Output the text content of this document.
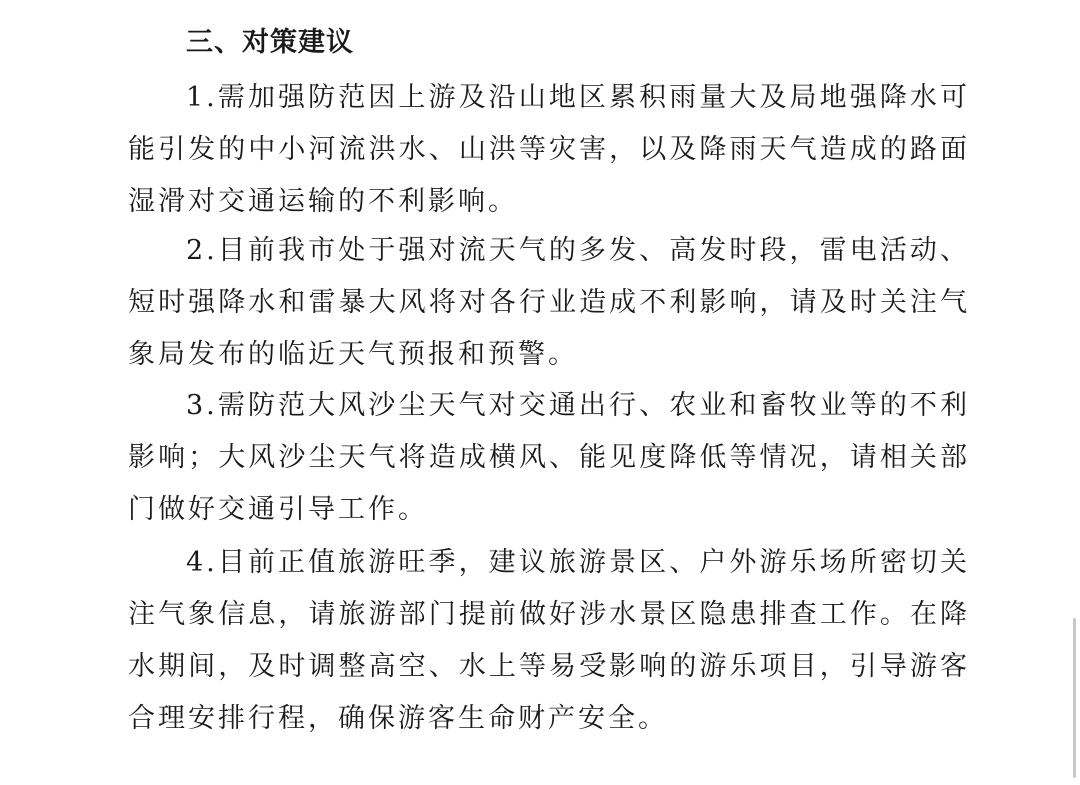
三、对策建议

1.需加强防范因上游及沿山地区累积雨量大及局地强降水可能引发的中小河流洪水、山洪等灾害，以及降雨天气造成的路面湿滑对交通运输的不利影响。

2.目前我市处于强对流天气的多发、高发时段，雷电活动、短时强降水和雷暴大风将对各行业造成不利影响，请及时关注气象局发布的临近天气预报和预警。

3.需防范大风沙尘天气对交通出行、农业和畜牧业等的不利影响；大风沙尘天气将造成横风、能见度降低等情况，请相关部门做好交通引导工作。

4.目前正值旅游旺季，建议旅游景区、户外游乐场所密切关注气象信息，请旅游部门提前做好涉水景区隐患排查工作。在降水期间，及时调整高空、水上等易受影响的游乐项目，引导游客合理安排行程，确保游客生命财产安全。
